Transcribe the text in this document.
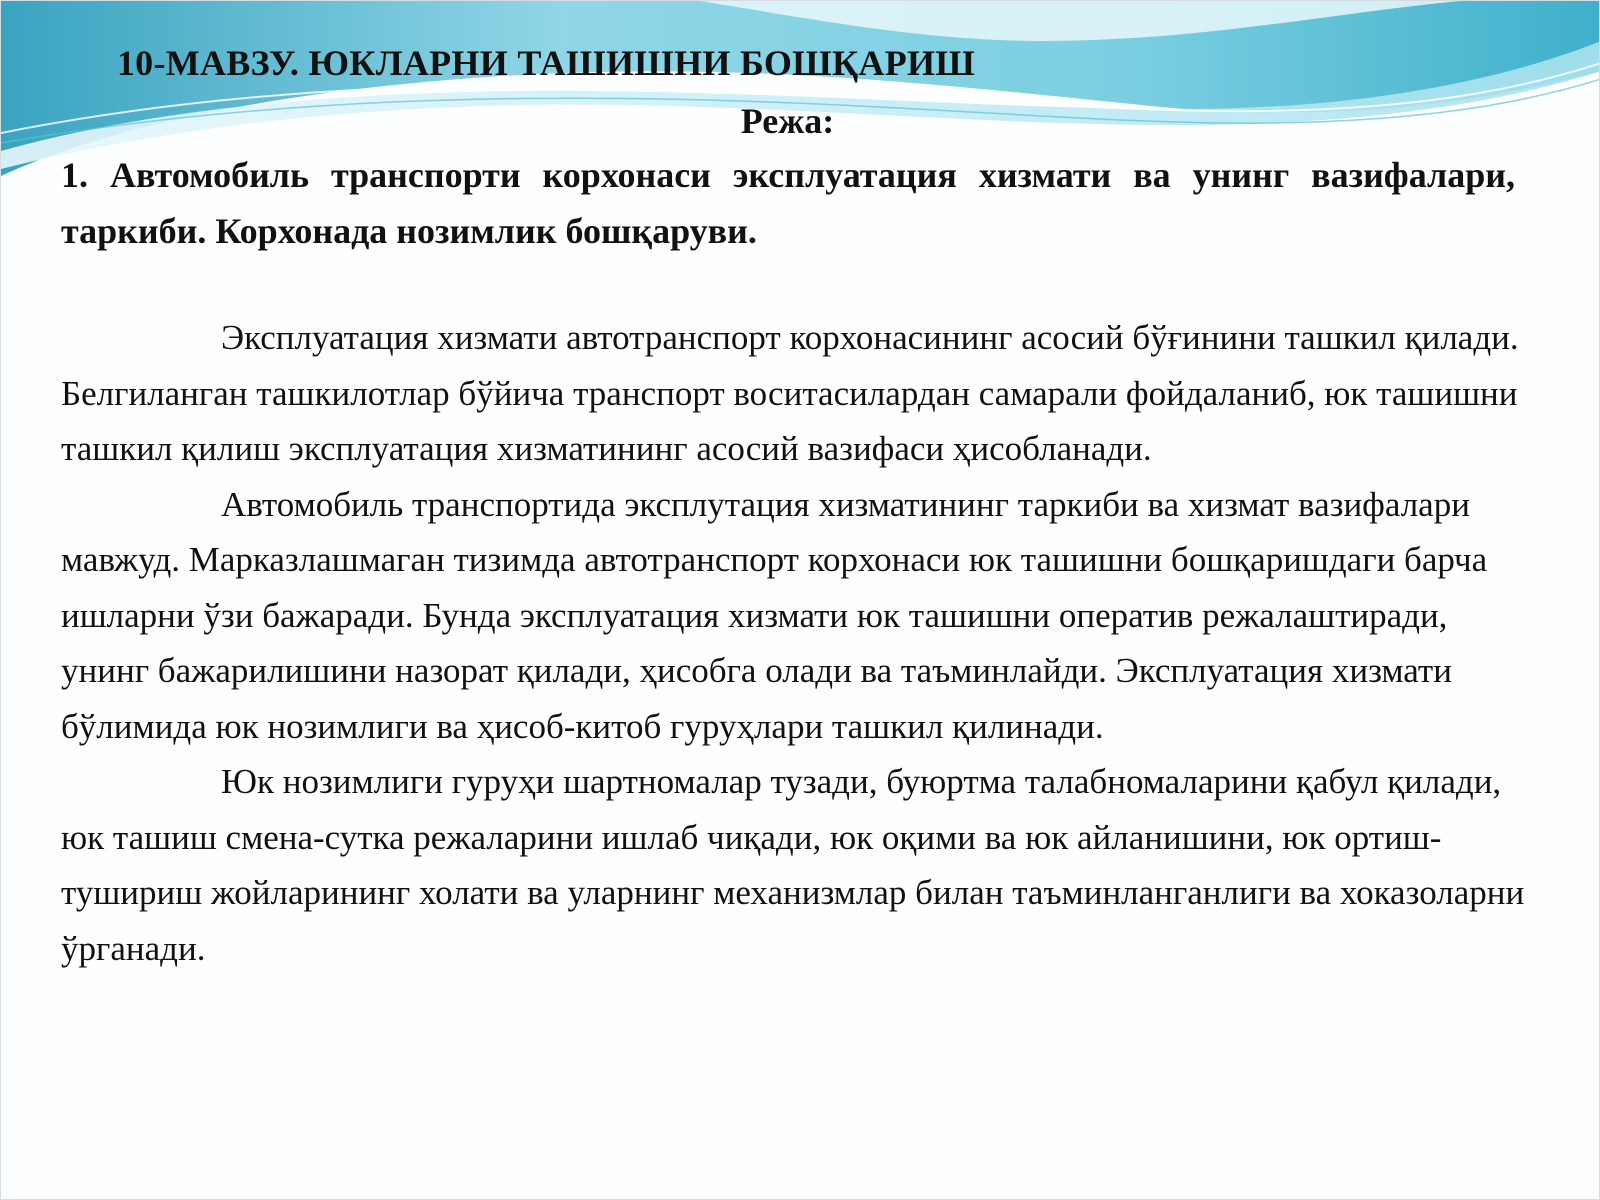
10-МАВЗУ. ЮКЛАРНИ ТАШИШНИ БОШҚАРИШ
Режа:
1. Автомобиль транспорти корхонаси эксплуатация хизмати ва унинг вазифалари, таркиби. Корхонада нозимлик бошқаруви.

Эксплуатация хизмати автотранспорт корхонасининг асосий бўғинини ташкил қилади. Белгиланган ташкилотлар бўйича транспорт воситасилардан самарали фойдаланиб, юк ташишни ташкил қилиш эксплуатация хизматининг асосий вазифаси ҳисобланади.

Автомобиль транспортида эксплутация хизматининг таркиби ва хизмат вазифалари мавжуд. Марказлашмаган тизимда автотранспорт корхонаси юк ташишни бошқаришдаги барча ишларни ўзи бажаради. Бунда эксплуатация хизмати юк ташишни оператив режалаштиради, унинг бажарилишини назорат қилади, ҳисобга олади ва таъминлайди. Эксплуатация хизмати бўлимида юк нозимлиги ва ҳисоб-китоб гуруҳлари ташкил қилинади.

Юк нозимлиги гуруҳи шартномалар тузади, буюртма талабномаларини қабул қилади, юк ташиш смена-сутка режаларини ишлаб чиқади, юк оқими ва юк айланишини, юк ортиш-тушириш жойларининг холати ва уларнинг механизмлар билан таъминланганлиги ва хоказоларни ўрганади.
